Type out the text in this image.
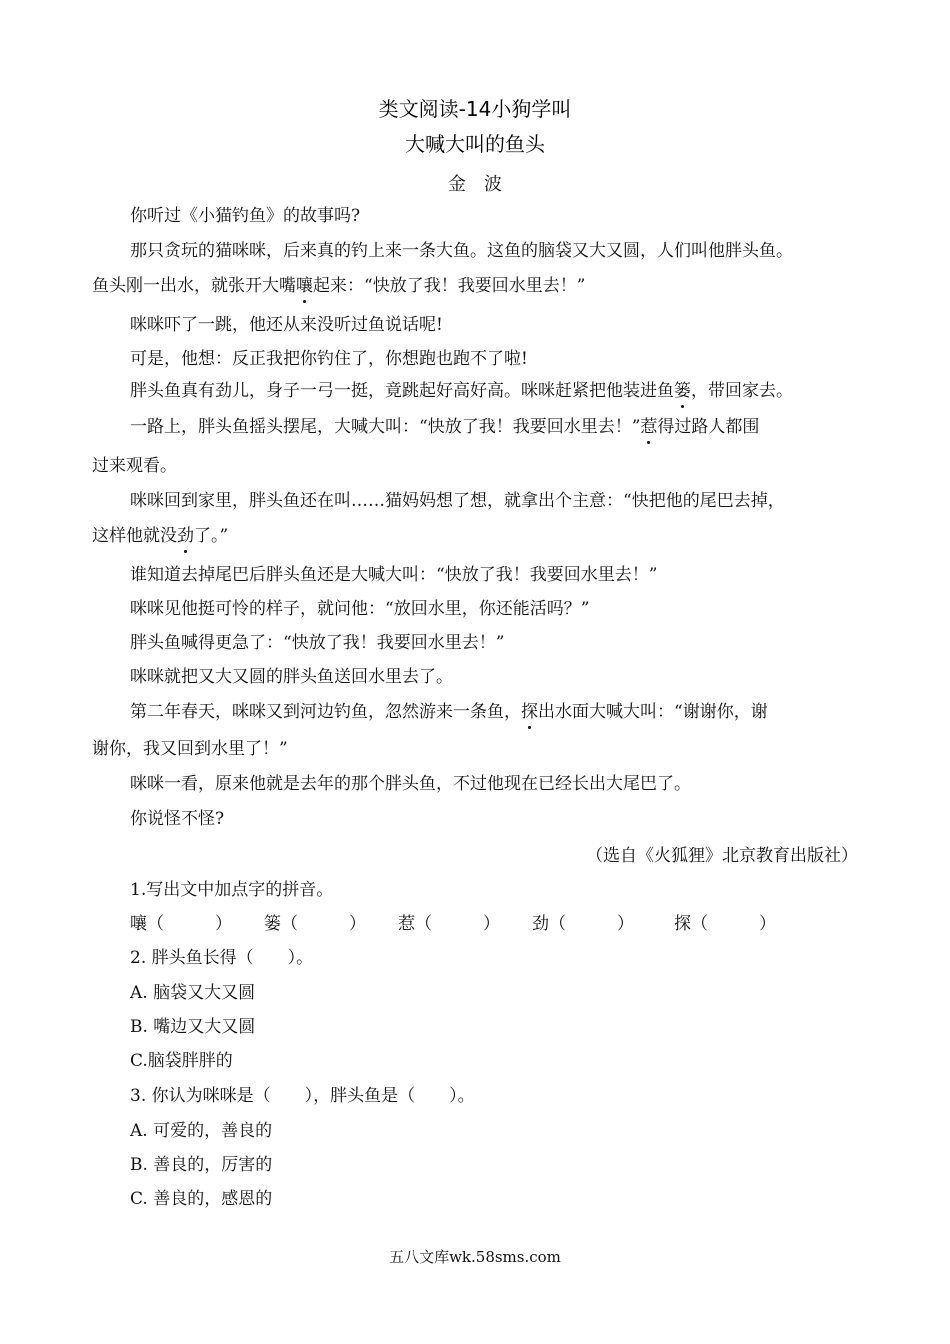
类文阅读-14小狗学叫
大喊大叫的鱼头
金波
你听过《小猫钓鱼》的故事吗?
那只贪玩的猫咪咪，后来真的钓上来一条大鱼。这鱼的脑袋又大又圆，人们叫他胖头鱼。
鱼头刚一出水，就张开大嘴嚷起来：“快放了我！我要回水里去！”
咪咪吓了一跳，他还从来没听过鱼说话呢!
可是，他想：反正我把你钓住了，你想跑也跑不了啦!
胖头鱼真有劲儿，身子一弓一挺，竟跳起好高好高。咪咪赶紧把他装进鱼篓，带回家去。
一路上，胖头鱼摇头摆尾，大喊大叫：“快放了我！我要回水里去！”惹得过路人都围
过来观看。
咪咪回到家里，胖头鱼还在叫……猫妈妈想了想，就拿出个主意：“快把他的尾巴去掉，
这样他就没劲了。”
谁知道去掉尾巴后胖头鱼还是大喊大叫：“快放了我！我要回水里去！”
咪咪见他挺可怜的样子，就问他：“放回水里，你还能活吗？”
胖头鱼喊得更急了：“快放了我！我要回水里去！”
咪咪就把又大又圆的胖头鱼送回水里去了。
第二年春天，咪咪又到河边钓鱼，忽然游来一条鱼，探出水面大喊大叫：“谢谢你，谢
谢你，我又回到水里了！”
咪咪一看，原来他就是去年的那个胖头鱼，不过他现在已经长出大尾巴了。
你说怪不怪?
（选自《火狐狸》北京教育出版社）
1.写出文中加点字的拼音。
嚷（　　　） 篓（　　　） 惹（　　　） 劲（　　　） 探（　　　）
2. 胖头鱼长得（　　）。
A. 脑袋又大又圆
B. 嘴边又大又圆
C.脑袋胖胖的
3. 你认为咪咪是（　　），胖头鱼是（　　）。
A. 可爱的，善良的
B. 善良的，厉害的
C. 善良的，感恩的
五八文库wk.58sms.com
